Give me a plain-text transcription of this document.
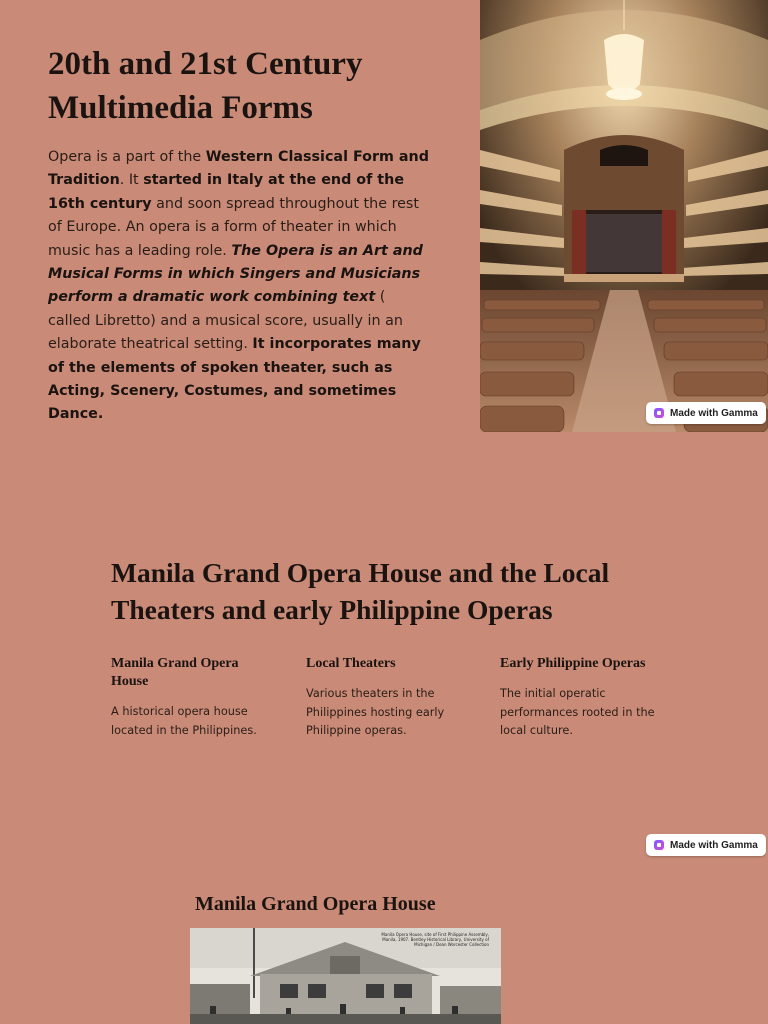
20th and 21st Century Multimedia Forms

Opera is a part of the Western Classical Form and Tradition. It started in Italy at the end of the 16th century and soon spread throughout the rest of Europe. An opera is a form of theater in which music has a leading role. The Opera is an Art and Musical Forms in which Singers and Musicians perform a dramatic work combining text ( called Libretto) and a musical score, usually in an elaborate theatrical setting. It incorporates many of the elements of spoken theater, such as Acting, Scenery, Costumes, and sometimes Dance.	Made with Gamma
Manila Grand Opera House and the Local Theaters and early Philippine Operas
Manila Grand Opera House
A historical opera house located in the Philippines.
Local Theaters
Various theaters in the Philippines hosting early Philippine operas.
Early Philippine Operas
The initial operatic performances rooted in the local culture.
Made with Gamma
Manila Grand Opera House
Manila Opera House, site of First Philippine Assembly, Manila, 1907. Bentley Historical Library, University of Michigan / Dean Worcester Collection
